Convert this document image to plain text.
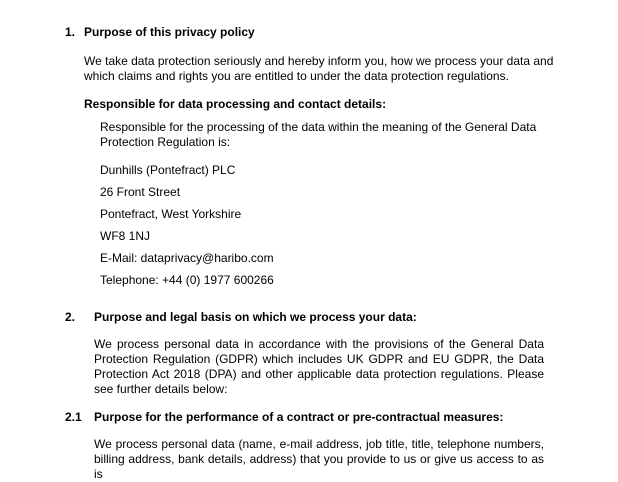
1. Purpose of this privacy policy

We take data protection seriously and hereby inform you, how we process your data and which claims and rights you are entitled to under the data protection regulations.

Responsible for data processing and contact details:

Responsible for the processing of the data within the meaning of the General Data Protection Regulation is:

Dunhills (Pontefract) PLC
26 Front Street
Pontefract, West Yorkshire
WF8 1NJ
E-Mail: dataprivacy@haribo.com
Telephone: +44 (0) 1977 600266
2. Purpose and legal basis on which we process your data:

We process personal data in accordance with the provisions of the General Data Protection Regulation (GDPR) which includes UK GDPR and EU GDPR, the Data Protection Act 2018 (DPA) and other applicable data protection regulations. Please see further details below:

2.1 Purpose for the performance of a contract or pre-contractual measures:

We process personal data (name, e-mail address, job title, title, telephone numbers, billing address, bank details, address) that you provide to us or give us access to as is
